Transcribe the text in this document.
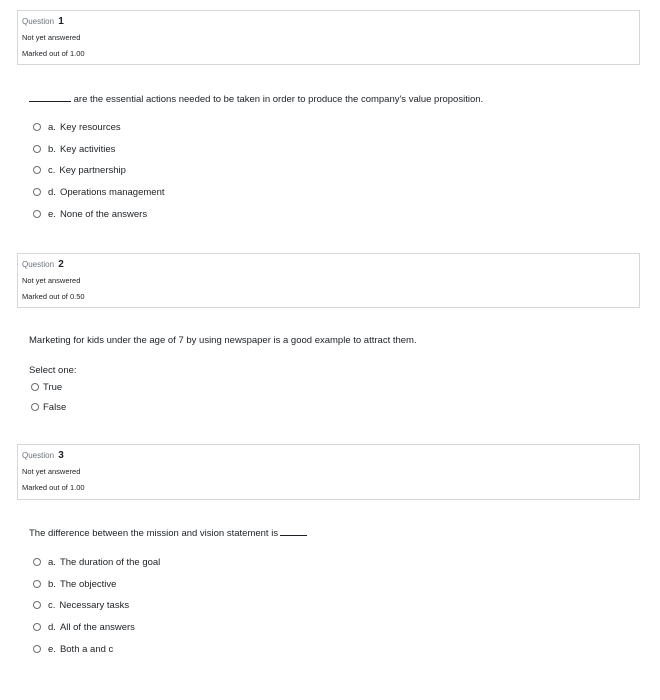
Question 1
Not yet answered
Marked out of 1.00
are the essential actions needed to be taken in order to produce the company's value proposition.
a. Key resources
b. Key activities
c. Key partnership
d. Operations management
e. None of the answers
Question 2
Not yet answered
Marked out of 0.50
Marketing for kids under the age of 7 by using newspaper is a good example to attract them.
Select one:
True
False
Question 3
Not yet answered
Marked out of 1.00
The difference between the mission and vision statement is
a. The duration of the goal
b. The objective
c. Necessary tasks
d. All of the answers
e. Both a and c
